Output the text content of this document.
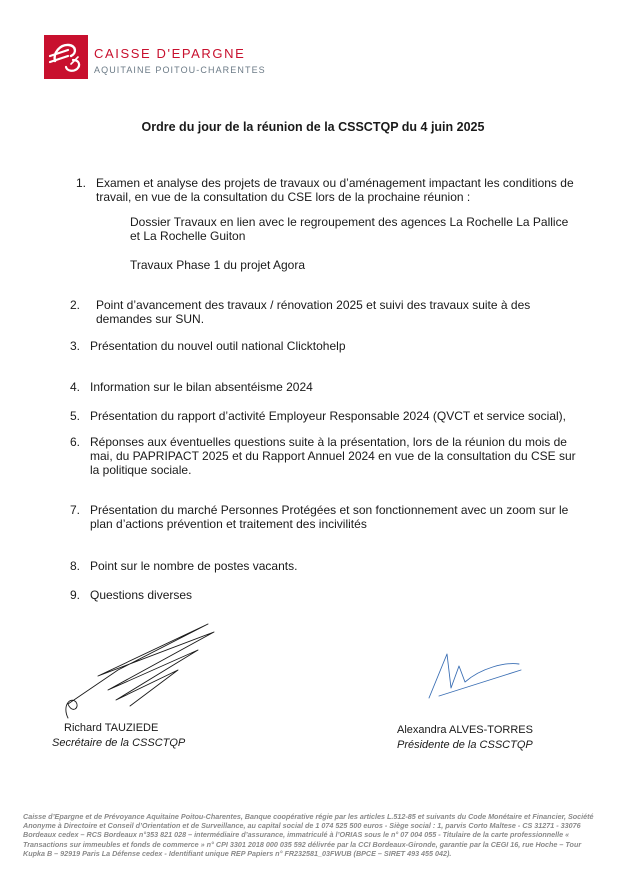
CAISSE D'EPARGNE
AQUITAINE POITOU-CHARENTES
Ordre du jour de la réunion de la CSSCTQP du 4 juin 2025
1. Examen et analyse des projets de travaux ou d’aménagement impactant les conditions de travail, en vue de la consultation du CSE lors de la prochaine réunion :
Dossier Travaux en lien avec le regroupement des agences La Rochelle La Pallice et La Rochelle Guiton
Travaux Phase 1 du projet Agora
2. Point d’avancement des travaux / rénovation 2025 et suivi des travaux suite à des demandes sur SUN.
3. Présentation du nouvel outil national Clicktohelp
4. Information sur le bilan absentéisme 2024
5. Présentation du rapport d’activité Employeur Responsable 2024 (QVCT et service social),
6. Réponses aux éventuelles questions suite à la présentation, lors de la réunion du mois de mai, du PAPRIPACT 2025 et du Rapport Annuel 2024 en vue de la consultation du CSE sur la politique sociale.
7. Présentation du marché Personnes Protégées et son fonctionnement avec un zoom sur le plan d’actions prévention et traitement des incivilités
8. Point sur le nombre de postes vacants.
9. Questions diverses
Richard TAUZIEDE
Secrétaire de la CSSCTQP
Alexandra ALVES-TORRES
Présidente de la CSSCTQP
Caisse d’Epargne et de Prévoyance Aquitaine Poitou-Charentes, Banque coopérative régie par les articles L.512-85 et suivants du Code Monétaire et Financier, Société Anonyme à Directoire et Conseil d’Orientation et de Surveillance, au capital social de 1 074 525 500 euros - Siège social : 1, parvis Corto Maltese - CS 31271 - 33076 Bordeaux cedex – RCS Bordeaux n°353 821 028 – intermédiaire d’assurance, immatriculé à l’ORIAS sous le n° 07 004 055 - Titulaire de la carte professionnelle « Transactions sur immeubles et fonds de commerce » n° CPI 3301 2018 000 035 592 délivrée par la CCI Bordeaux-Gironde, garantie par la CEGI 16, rue Hoche – Tour Kupka B – 92919 Paris La Défense cedex - Identifiant unique REP Papiers n° FR232581_03FWUB (BPCE – SIRET 493 455 042).
